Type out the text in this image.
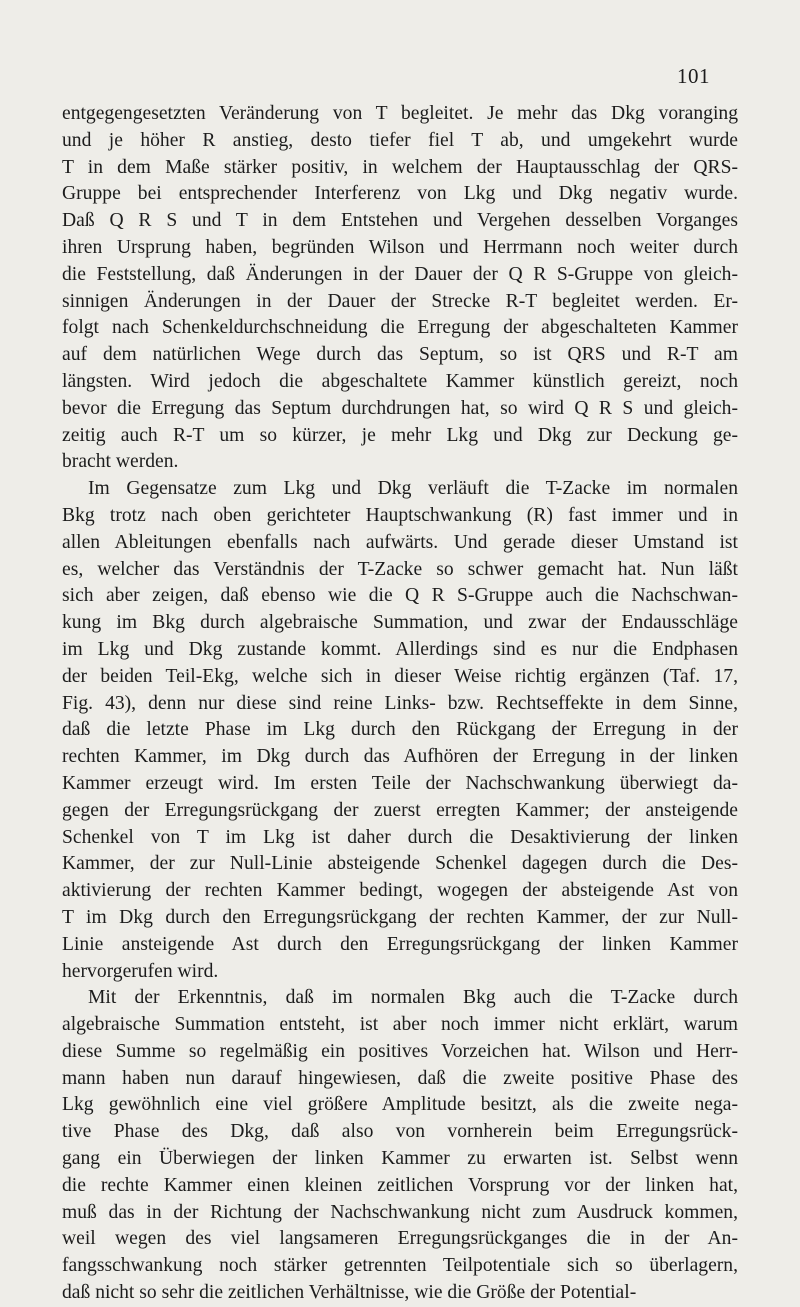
101
entgegengesetzten Veränderung von T begleitet. Je mehr das Dkg voranging
und je höher R anstieg, desto tiefer fiel T ab, und umgekehrt wurde
T in dem Maße stärker positiv, in welchem der Hauptausschlag der QRS-
Gruppe bei entsprechender Interferenz von Lkg und Dkg negativ wurde.
Daß Q R S und T in dem Entstehen und Vergehen desselben Vorganges
ihren Ursprung haben, begründen Wilson und Herrmann noch weiter durch
die Feststellung, daß Änderungen in der Dauer der Q R S-Gruppe von gleich-
sinnigen Änderungen in der Dauer der Strecke R-T begleitet werden. Er-
folgt nach Schenkeldurchschneidung die Erregung der abgeschalteten Kammer
auf dem natürlichen Wege durch das Septum, so ist QRS und R-T am
längsten. Wird jedoch die abgeschaltete Kammer künstlich gereizt, noch
bevor die Erregung das Septum durchdrungen hat, so wird Q R S und gleich-
zeitig auch R-T um so kürzer, je mehr Lkg und Dkg zur Deckung ge-
bracht werden.
Im Gegensatze zum Lkg und Dkg verläuft die T-Zacke im normalen
Bkg trotz nach oben gerichteter Hauptschwankung (R) fast immer und in
allen Ableitungen ebenfalls nach aufwärts. Und gerade dieser Umstand ist
es, welcher das Verständnis der T-Zacke so schwer gemacht hat. Nun läßt
sich aber zeigen, daß ebenso wie die Q R S-Gruppe auch die Nachschwan-
kung im Bkg durch algebraische Summation, und zwar der Endausschläge
im Lkg und Dkg zustande kommt. Allerdings sind es nur die Endphasen
der beiden Teil-Ekg, welche sich in dieser Weise richtig ergänzen (Taf. 17,
Fig. 43), denn nur diese sind reine Links- bzw. Rechtseffekte in dem Sinne,
daß die letzte Phase im Lkg durch den Rückgang der Erregung in der
rechten Kammer, im Dkg durch das Aufhören der Erregung in der linken
Kammer erzeugt wird. Im ersten Teile der Nachschwankung überwiegt da-
gegen der Erregungsrückgang der zuerst erregten Kammer; der ansteigende
Schenkel von T im Lkg ist daher durch die Desaktivierung der linken
Kammer, der zur Null-Linie absteigende Schenkel dagegen durch die Des-
aktivierung der rechten Kammer bedingt, wogegen der absteigende Ast von
T im Dkg durch den Erregungsrückgang der rechten Kammer, der zur Null-
Linie ansteigende Ast durch den Erregungsrückgang der linken Kammer
hervorgerufen wird.
Mit der Erkenntnis, daß im normalen Bkg auch die T-Zacke durch
algebraische Summation entsteht, ist aber noch immer nicht erklärt, warum
diese Summe so regelmäßig ein positives Vorzeichen hat. Wilson und Herr-
mann haben nun darauf hingewiesen, daß die zweite positive Phase des
Lkg gewöhnlich eine viel größere Amplitude besitzt, als die zweite nega-
tive Phase des Dkg, daß also von vornherein beim Erregungsrück-
gang ein Überwiegen der linken Kammer zu erwarten ist. Selbst wenn
die rechte Kammer einen kleinen zeitlichen Vorsprung vor der linken hat,
muß das in der Richtung der Nachschwankung nicht zum Ausdruck kommen,
weil wegen des viel langsameren Erregungsrückganges die in der An-
fangsschwankung noch stärker getrennten Teilpotentiale sich so überlagern,
daß nicht so sehr die zeitlichen Verhältnisse, wie die Größe der Potential-
